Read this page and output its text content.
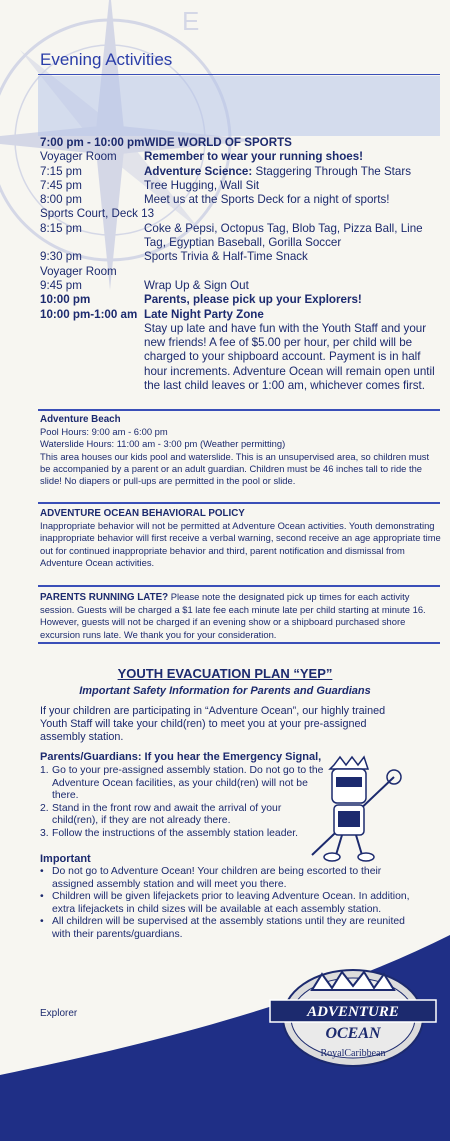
E
Evening Activities
7:00 pm - 10:00 pm WIDE WORLD OF SPORTS
Voyager Room	Remember to wear your running shoes!
7:15 pm	Adventure Science: Staggering Through The Stars
7:45 pm	Tree Hugging, Wall Sit
8:00 pm	Meet us at the Sports Deck for a night of sports!
Sports Court, Deck 13
8:15 pm	Coke & Pepsi, Octopus Tag, Blob Tag, Pizza Ball, Line Tag, Egyptian Baseball, Gorilla Soccer
9:30 pm	Sports Trivia & Half-Time Snack
Voyager Room
9:45 pm	Wrap Up & Sign Out
10:00 pm	Parents, please pick up your Explorers!
10:00 pm-1:00 am Late Night Party Zone
Stay up late and have fun with the Youth Staff and your new friends! A fee of $5.00 per hour, per child will be charged to your shipboard account. Payment is in half hour increments. Adventure Ocean will remain open until the last child leaves or 1:00 am, whichever comes first.
Adventure Beach
Pool Hours: 9:00 am - 6:00 pm
Waterslide Hours: 11:00 am - 3:00 pm (Weather permitting)
This area houses our kids pool and waterslide. This is an unsupervised area, so children must be accompanied by a parent or an adult guardian. Children must be 46 inches tall to ride the slide! No diapers or pull-ups are permitted in the pool or slide.
ADVENTURE OCEAN BEHAVIORAL POLICY
Inappropriate behavior will not be permitted at Adventure Ocean activities. Youth demonstrating inappropriate behavior will first receive a verbal warning, second receive an age appropriate time out for continued inappropriate behavior and third, parent notification and dismissal from Adventure Ocean activities.
PARENTS RUNNING LATE? Please note the designated pick up times for each activity session. Guests will be charged a $1 late fee each minute late per child starting at minute 16. However, guests will not be charged if an evening show or a shipboard purchased shore excursion runs late. We thank you for your consideration.
YOUTH EVACUATION PLAN “YEP”
Important Safety Information for Parents and Guardians
If your children are participating in “Adventure Ocean”, our highly trained Youth Staff will take your child(ren) to meet you at your pre-assigned assembly station.
Parents/Guardians: If you hear the Emergency Signal,
1. Go to your pre-assigned assembly station. Do not go to the Adventure Ocean facilities, as your child(ren) will not be there.
2. Stand in the front row and await the arrival of your child(ren), if they are not already there.
3. Follow the instructions of the assembly station leader.
Important
• Do not go to Adventure Ocean! Your children are being escorted to their assigned assembly station and will meet you there.
• Children will be given lifejackets prior to leaving Adventure Ocean. In addition, extra lifejackets in child sizes will be available at each assembly station.
• All children will be supervised at the assembly stations until they are reunited with their parents/guardians.
Explorer	ADVENTURE
OCEAN
RoyalCaribbean
